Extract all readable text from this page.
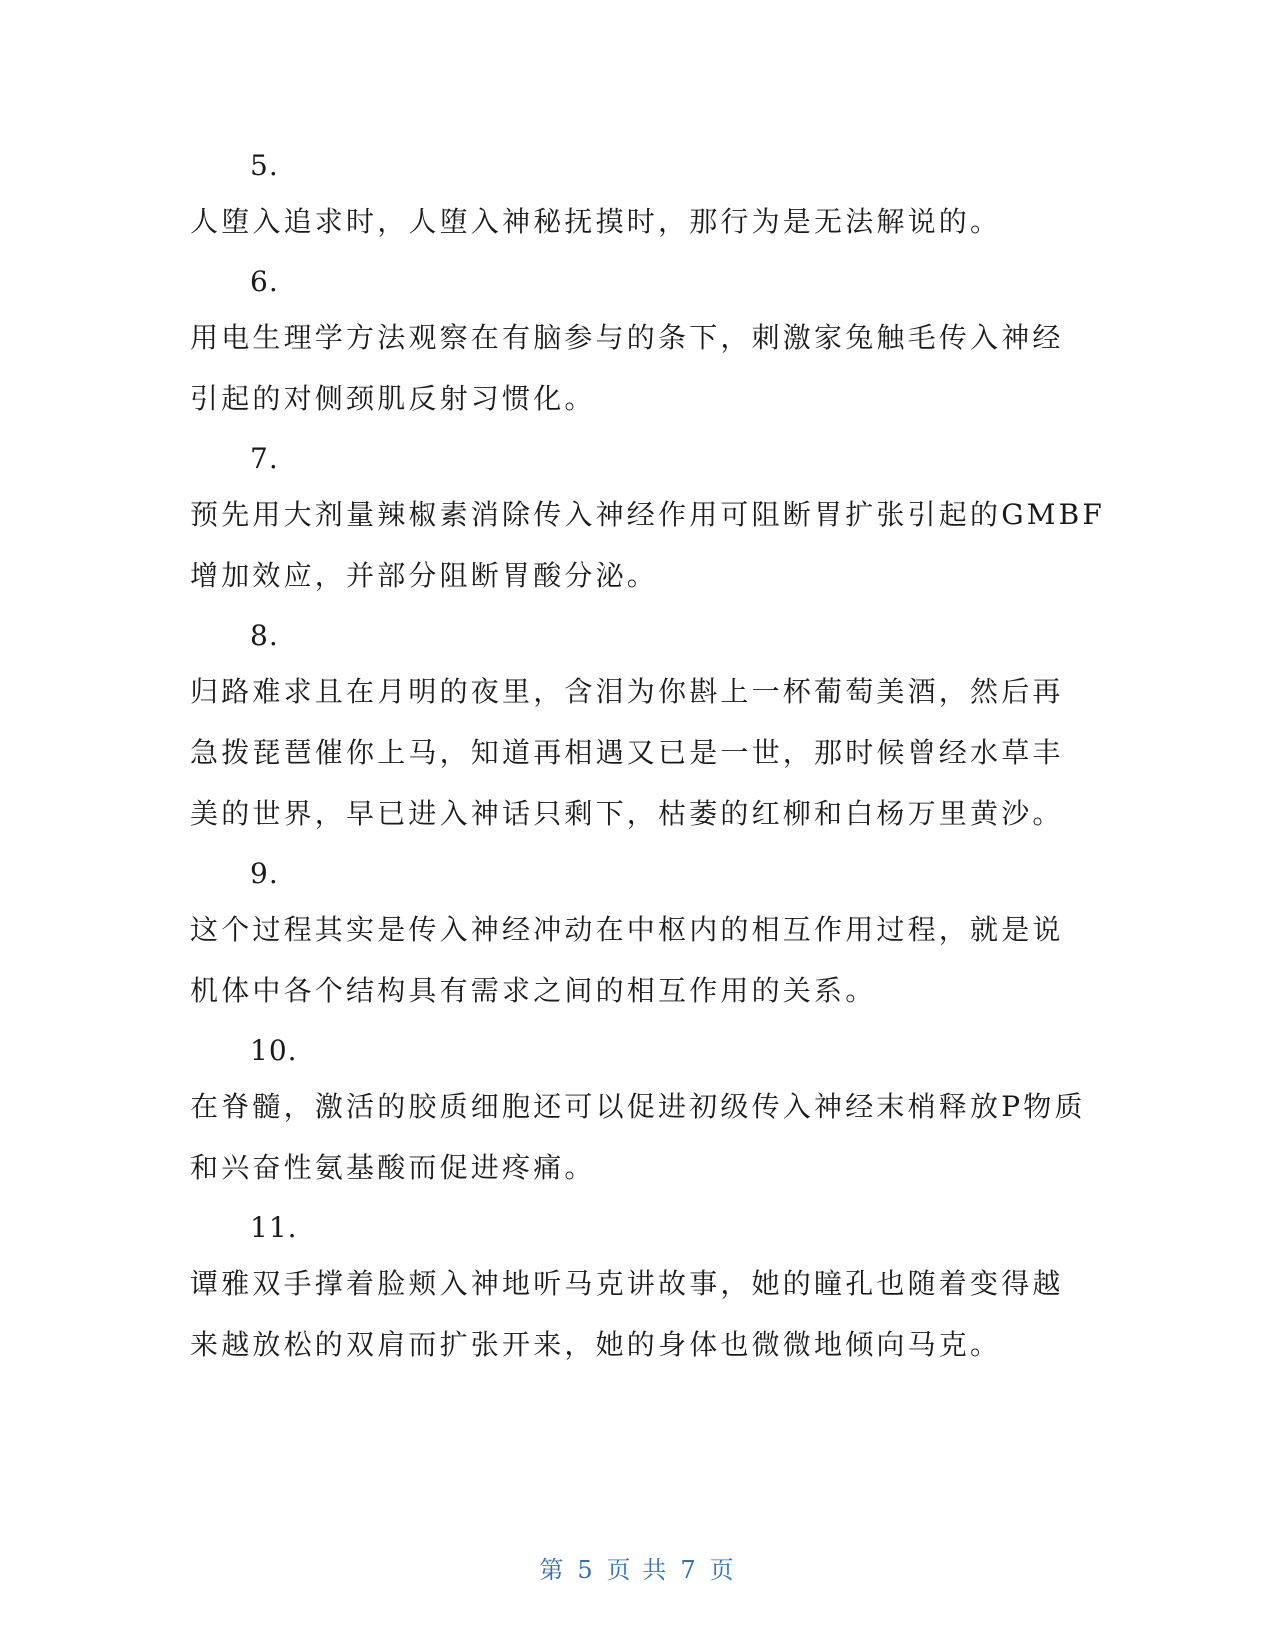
5.
人堕入追求时，人堕入神秘抚摸时，那行为是无法解说的。
6.
用电生理学方法观察在有脑参与的条下，刺激家兔触毛传入神经
引起的对侧颈肌反射习惯化。
7.
预先用大剂量辣椒素消除传入神经作用可阻断胃扩张引起的GMBF
增加效应，并部分阻断胃酸分泌。
8.
归路难求且在月明的夜里，含泪为你斟上一杯葡萄美酒，然后再
急拨琵琶催你上马，知道再相遇又已是一世，那时候曾经水草丰
美的世界，早已进入神话只剩下，枯萎的红柳和白杨万里黄沙。
9.
这个过程其实是传入神经冲动在中枢内的相互作用过程，就是说
机体中各个结构具有需求之间的相互作用的关系。
10.
在脊髓，激活的胶质细胞还可以促进初级传入神经末梢释放P物质
和兴奋性氨基酸而促进疼痛。
11.
谭雅双手撑着脸颊入神地听马克讲故事，她的瞳孔也随着变得越
来越放松的双肩而扩张开来，她的身体也微微地倾向马克。
第 5 页 共 7 页
